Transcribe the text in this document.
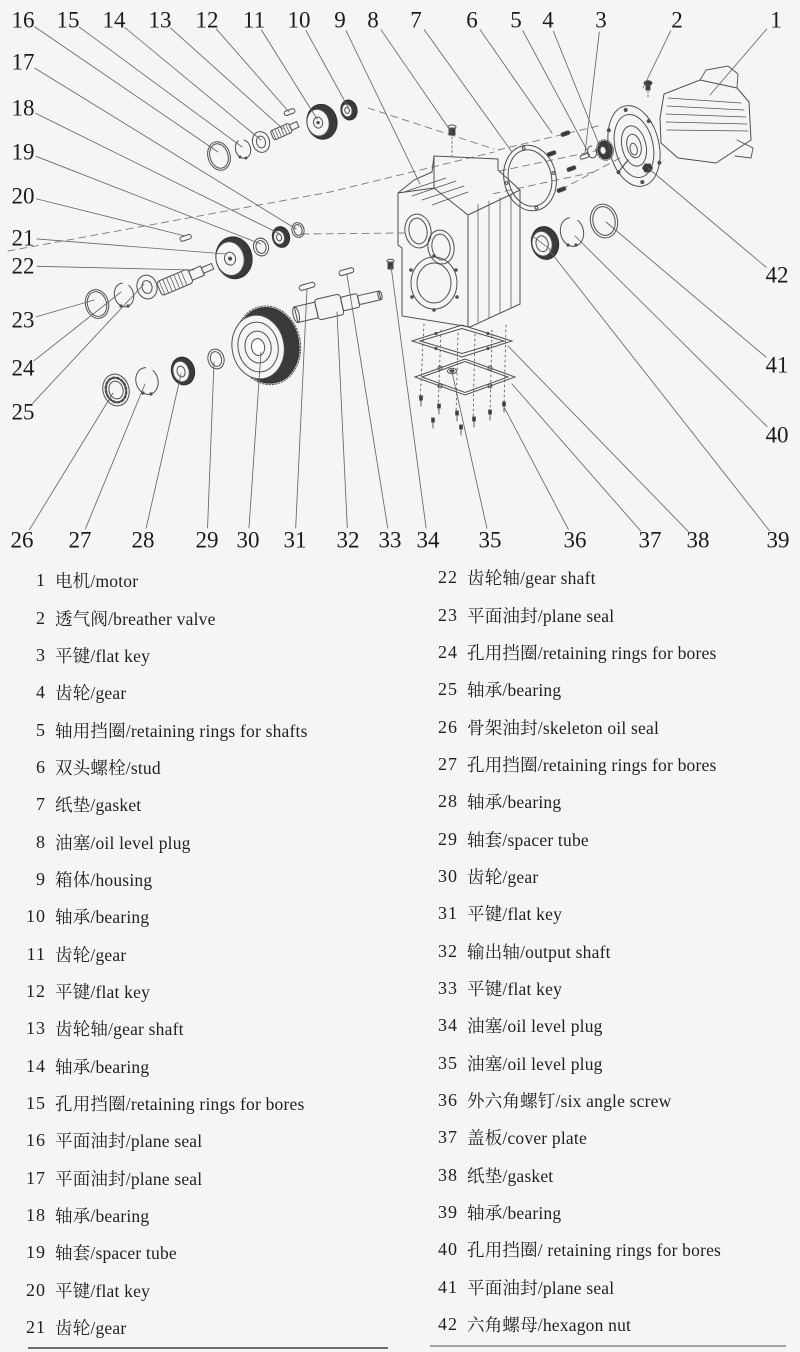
1
2
3
4
5
6
7
8
9
10
11
12
13
14
15
16
17
18
19
20
21
22
23
24
25
26 27 28 29 30 31 32 33 34 35	36 37 38 39
40
41
42
1 电机/motor
2 透气阀/breather valve
3 平键/flat key
4 齿轮/gear
5 轴用挡圈/retaining rings for shafts
6 双头螺栓/stud
7 纸垫/gasket
8 油塞/oil level plug
9 箱体/housing
10 轴承/bearing
11 齿轮/gear
12 平键/flat key
13 齿轮轴/gear shaft
14 轴承/bearing
15 孔用挡圈/retaining rings for bores
16 平面油封/plane seal
17 平面油封/plane seal
18 轴承/bearing
19 轴套/spacer tube
20 平键/flat key
21 齿轮/gear
22 齿轮轴/gear shaft
23 平面油封/plane seal
24 孔用挡圈/retaining rings for bores
25 轴承/bearing
26 骨架油封/skeleton oil seal
27 孔用挡圈/retaining rings for bores
28 轴承/bearing
29 轴套/spacer tube
30 齿轮/gear
31 平键/flat key
32 输出轴/output shaft
33 平键/flat key
34 油塞/oil level plug
35 油塞/oil level plug
36 外六角螺钉/six angle screw
37 盖板/cover plate
38 纸垫/gasket
39 轴承/bearing
40 孔用挡圈/ retaining rings for bores
41 平面油封/plane seal
42 六角螺母/hexagon nut
